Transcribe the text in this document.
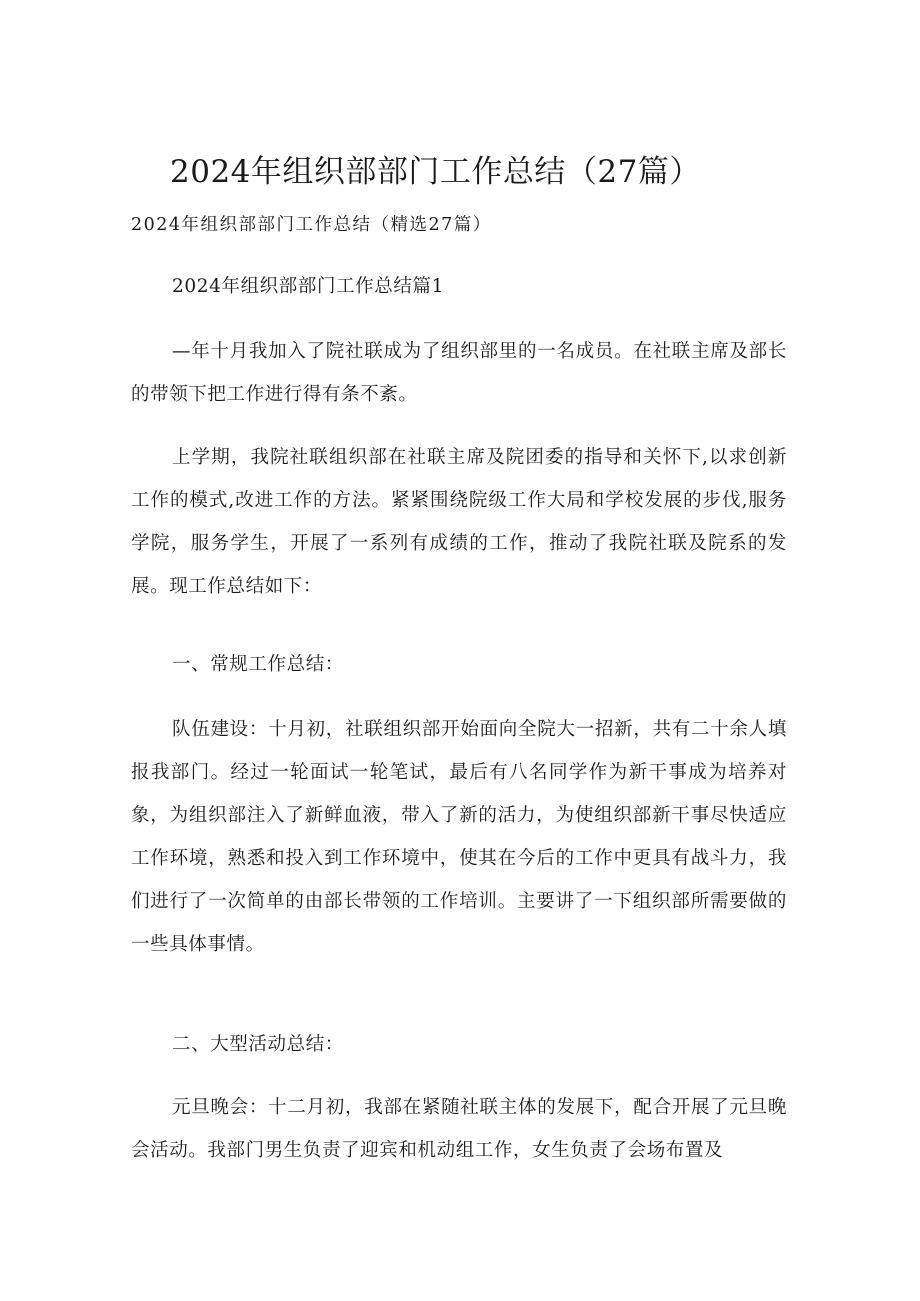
2024年组织部部门工作总结（27篇）
2024年组织部部门工作总结（精选27篇）
2024年组织部部门工作总结篇1
—年十月我加入了院社联成为了组织部里的一名成员。在社联主席及部长的带领下把工作进行得有条不紊。
上学期，我院社联组织部在社联主席及院团委的指导和关怀下,以求创新工作的模式,改进工作的方法。紧紧围绕院级工作大局和学校发展的步伐,服务学院，服务学生，开展了一系列有成绩的工作，推动了我院社联及院系的发展。现工作总结如下：
一、常规工作总结：
队伍建设：十月初，社联组织部开始面向全院大一招新，共有二十余人填报我部门。经过一轮面试一轮笔试，最后有八名同学作为新干事成为培养对象，为组织部注入了新鲜血液，带入了新的活力，为使组织部新干事尽快适应工作环境，熟悉和投入到工作环境中，使其在今后的工作中更具有战斗力，我们进行了一次简单的由部长带领的工作培训。主要讲了一下组织部所需要做的一些具体事情。
二、大型活动总结：
元旦晚会：十二月初，我部在紧随社联主体的发展下，配合开展了元旦晚会活动。我部门男生负责了迎宾和机动组工作，女生负责了会场布置及
